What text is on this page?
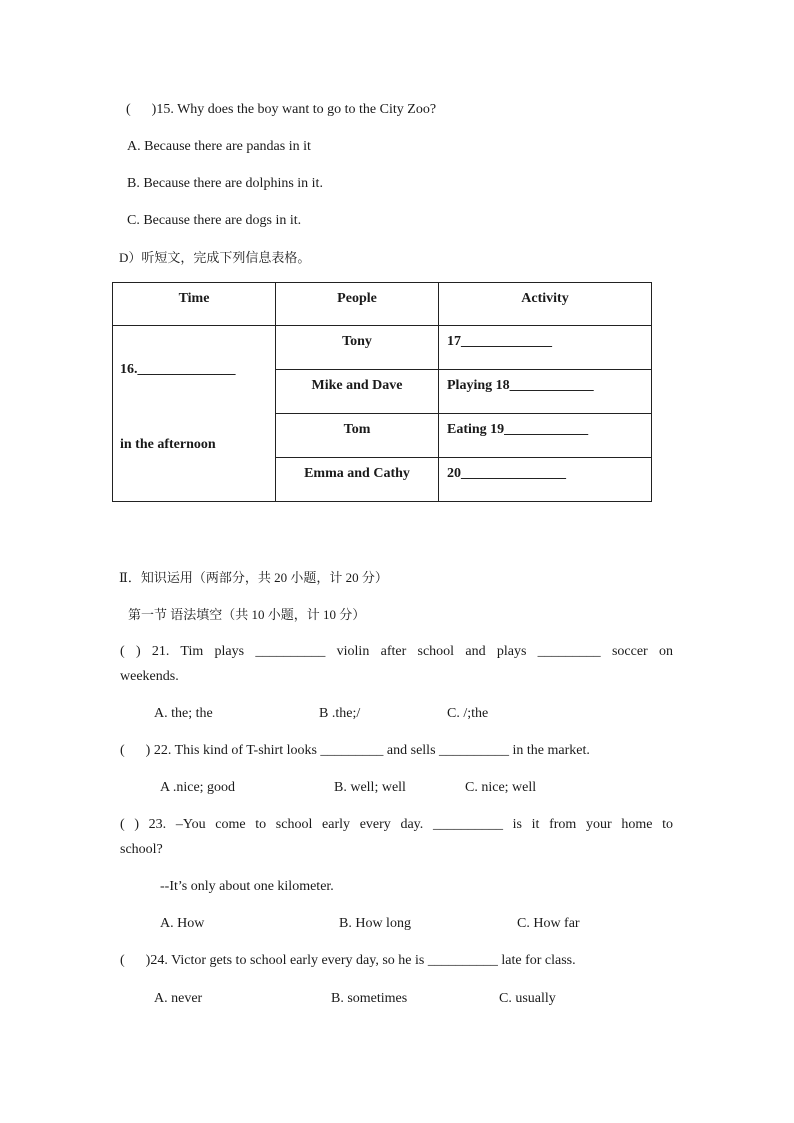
(      )15. Why does the boy want to go to the City Zoo?
A. Because there are pandas in it
B. Because there are dolphins in it.
C. Because there are dogs in it.
D）听短文，完成下列信息表格。
Time	People	Activity

16.______________
in the afternoon	Tony	17_____________
	Mike and Dave	Playing 18____________
	Tom	Eating 19____________
	Emma and Cathy	20_______________
Ⅱ．知识运用（两部分，共 20 小题，计 20 分）
第一节 语法填空（共 10 小题，计 10 分）
( ) 21. Tim plays __________ violin after school and plays _________ soccer on
weekends.
A. the; the	B .the;/	C. /;the
(      ) 22. This kind of T-shirt looks _________ and sells __________ in the market.
A .nice; good	B. well; well	C. nice; well
( ) 23. –You come to school early every day. __________ is it from your home to
school?
--It’s only about one kilometer.
A. How	B. How long	C. How far
(      )24. Victor gets to school early every day, so he is __________ late for class.
A. never	B. sometimes	C. usually
